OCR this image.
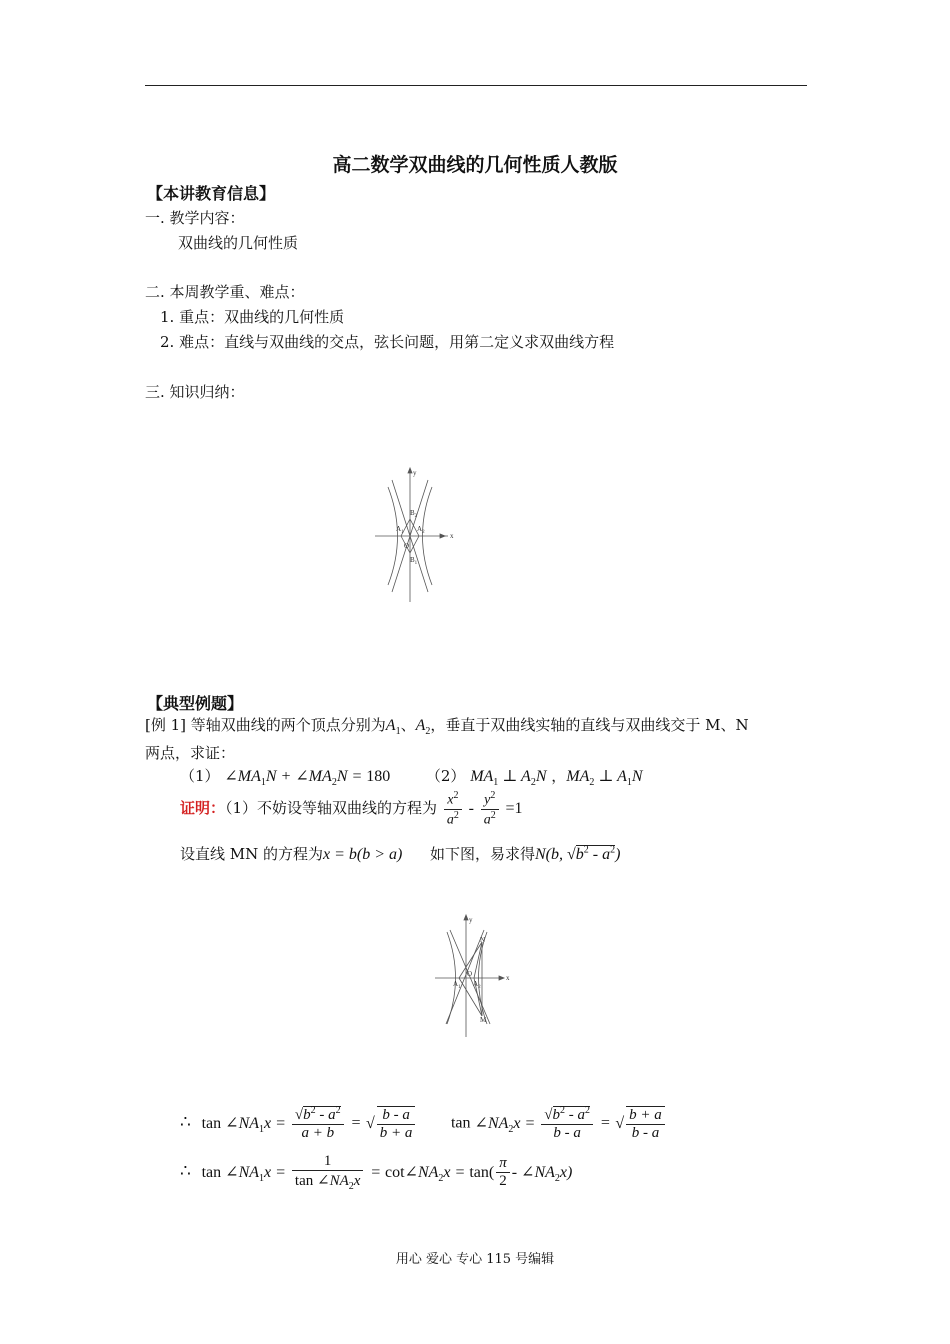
高二数学双曲线的几何性质人教版
【本讲教育信息】
一. 教学内容：
双曲线的几何性质
二. 本周教学重、难点：
1. 重点：双曲线的几何性质
2. 难点：直线与双曲线的交点，弦长问题，用第二定义求双曲线方程
三. 知识归纳：
x
y
O
$A_1$ $A_2$
$B_2$
$B_1$
【典型例题】
[例 1] 等轴双曲线的两个顶点分别为$A_1$、$A_2$，垂直于双曲线实轴的直线与双曲线交于 M、N
两点，求证：
（1） $\angle MA_1N$ + $\angle MA_2N = 180$ （2） $MA_1$ ⊥ $A_2N$ ，$MA_2$ ⊥ $A_1N$
证明：（1）不妨设等轴双曲线的方程为 $\frac{x^2}{a^2} - \frac{y^2}{a^2} =1$
设直线 MN 的方程为x = b(b > a) 如下图，易求得N(b, $√b^2 - a^2$)
x
y
O
N
M
$A_1$ $A_2$
∴ $\tan \angle NA_1x = \frac{√b^2 - a^2}{a + b}$ = √ $\frac{b - a}{b + a}$ $\tan \angle NA_2x = \frac{√b^2 - a^2}{b - a}$ = √ $\frac{b + a}{b - a}$
∴ $\tan \angle NA_1x = \frac{1}{\tan \angle NA_2x}$ = $\cot\angle NA_2x = \tan( \frac{\pi}{2}$ - $\angle NA_2x$)
用心 爱心 专心 115 号编辑
